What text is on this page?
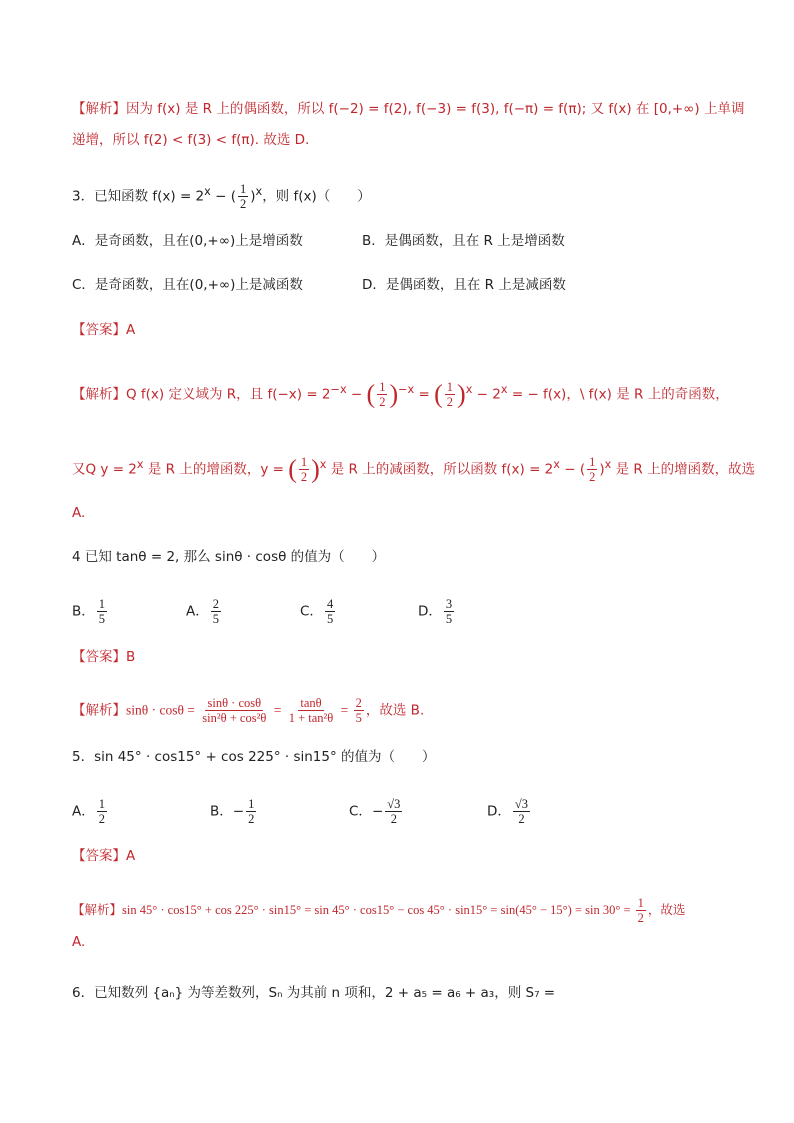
【解析】因为 f(x) 是 R 上的偶函数，所以 f(−2) = f(2), f(−3) = f(3), f(−π) = f(π); 又 f(x) 在 [0,+∞) 上单调
递增，所以 f(2) < f(3) < f(π). 故选 D.
3．已知函数 $f(x) = 2^x$ − ( $\frac{1}{2} )^x$，则 f(x)（　　）
A．是奇函数，且在(0,+∞)上是增函数	B．是偶函数，且在 R 上是增函数
C．是奇函数，且在(0,+∞)上是减函数	D．是偶函数，且在 R 上是减函数
【答案】A
【解析】Q f(x) 定义域为 R，且 $f(-x) = 2^{-x}$ − ( $\frac{1}{2} )^{-x}$ = ( $\frac{1}{2} )^x - 2^x$ = − f(x)，\ f(x) 是 R 上的奇函数，
又Q $y = 2^x$ 是 R 上的增函数，y = ( $\frac{1}{2} )^x$ 是 R 上的减函数，所以函数 $f(x) = 2^x$ − ( $\frac{1}{2} )^x$ 是 R 上的增函数，故选
A.
4 已知 tanθ = 2, 那么 sinθ · cosθ 的值为（　　）
B． $\frac{1}{5}$	A． $\frac{2}{5}$	C． $\frac{4}{5}$	D． $\frac{3}{5}$
【答案】B
【解析】$\sin\theta \cdot \cos\theta = \frac{\sin\theta \cdot \cos\theta}{\text{sin²θ + cos²θ}} = \frac{\tan\theta}{\text{1 + tan²θ}} = \frac{2}{5}$ ，故选 B.
5．sin 45° · cos15° + cos 225° · sin15° 的值为（　　）
A． $\frac{1}{2}$	B．− $\frac{1}{2}$	C．− $\frac{√3}{2}$	D． $\frac{√3}{2}$
【答案】A
【解析】$\sin 45^\circ \cdot \cos 15^\circ + \cos 225^\circ \cdot \sin 15^\circ = \sin 45^\circ \cdot \cos 15^\circ - \cos 45^\circ \cdot \sin 15^\circ = \sin(45^\circ - 15^\circ) = \sin 30^\circ = \frac{1}{2}$ ，故选
A.
6．已知数列 {aₙ} 为等差数列，Sₙ 为其前 n 项和，2 + a₅ = a₆ + a₃，则 S₇ =
